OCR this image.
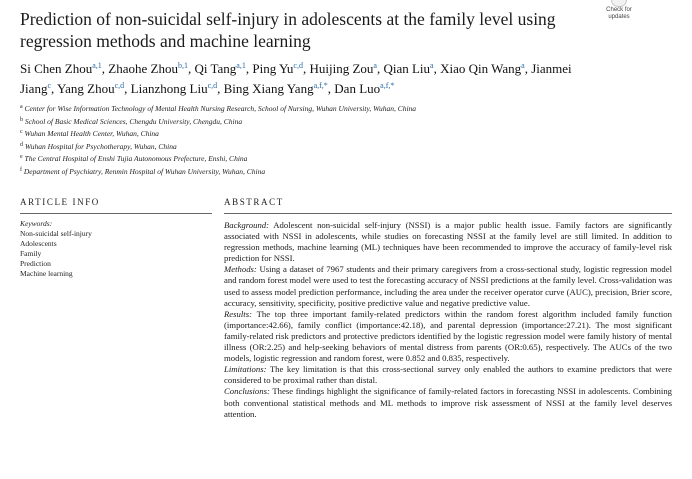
Prediction of non-suicidal self-injury in adolescents at the family level using regression methods and machine learning
Check for
updates
Si Chen Zhou$^{a,1}$, Zhaohe Zhou$^{b,1}$, Qi Tang$^{a,1}$, Ping Yu$^{c,d}$, Huijing Zou$^a$, Qian Liu$^a$, Xiao Qin Wang$^a$, Jianmei Jiang$^c$, Yang Zhou$^{c,d}$, Lianzhong Liu$^{c,d}$, Bing Xiang Yang$^{a,f,*}$, Dan Luo$^{a,f,*}$
$^a$ Center for Wise Information Technology of Mental Health Nursing Research, School of Nursing, Wuhan University, Wuhan, China
$^b$ School of Basic Medical Sciences, Chengdu University, Chengdu, China
$^c$ Wuhan Mental Health Center, Wuhan, China
$^d$ Wuhan Hospital for Psychotherapy, Wuhan, China
$^e$ The Central Hospital of Enshi Tujia Autonomous Prefecture, Enshi, China
$^f$ Department of Psychiatry, Renmin Hospital of Wuhan University, Wuhan, China
ARTICLE INFO	ABSTRACT
Keywords:
Non-suicidal self-injury
Adolescents
Family
Prediction
Machine learning

Background: Adolescent non-suicidal self-injury (NSSI) is a major public health issue. Family factors are significantly associated with NSSI in adolescents, while studies on forecasting NSSI at the family level are still limited. In addition to regression methods, machine learning (ML) techniques have been recommended to improve the accuracy of family-level risk prediction for NSSI.

Methods: Using a dataset of 7967 students and their primary caregivers from a cross-sectional study, logistic regression model and random forest model were used to test the forecasting accuracy of NSSI predictions at the family level. Cross-validation was used to assess model prediction performance, including the area under the receiver operator curve (AUC), precision, Brier score, accuracy, sensitivity, specificity, positive predictive value and negative predictive value.

Results: The top three important family-related predictors within the random forest algorithm included family function (importance:42.66), family conflict (importance:42.18), and parental depression (importance:27.21). The most significant family-related risk predictors and protective predictors identified by the logistic regression model were family history of mental illness (OR:2.25) and help-seeking behaviors of mental distress from parents (OR:0.65), respectively. The AUCs of the two models, logistic regression and random forest, were 0.852 and 0.835, respectively.

Limitations: The key limitation is that this cross-sectional survey only enabled the authors to examine predictors that were considered to be proximal rather than distal.

Conclusions: These findings highlight the significance of family-related factors in forecasting NSSI in adolescents. Combining both conventional statistical methods and ML methods to improve risk assessment of NSSI at the family level deserves attention.
